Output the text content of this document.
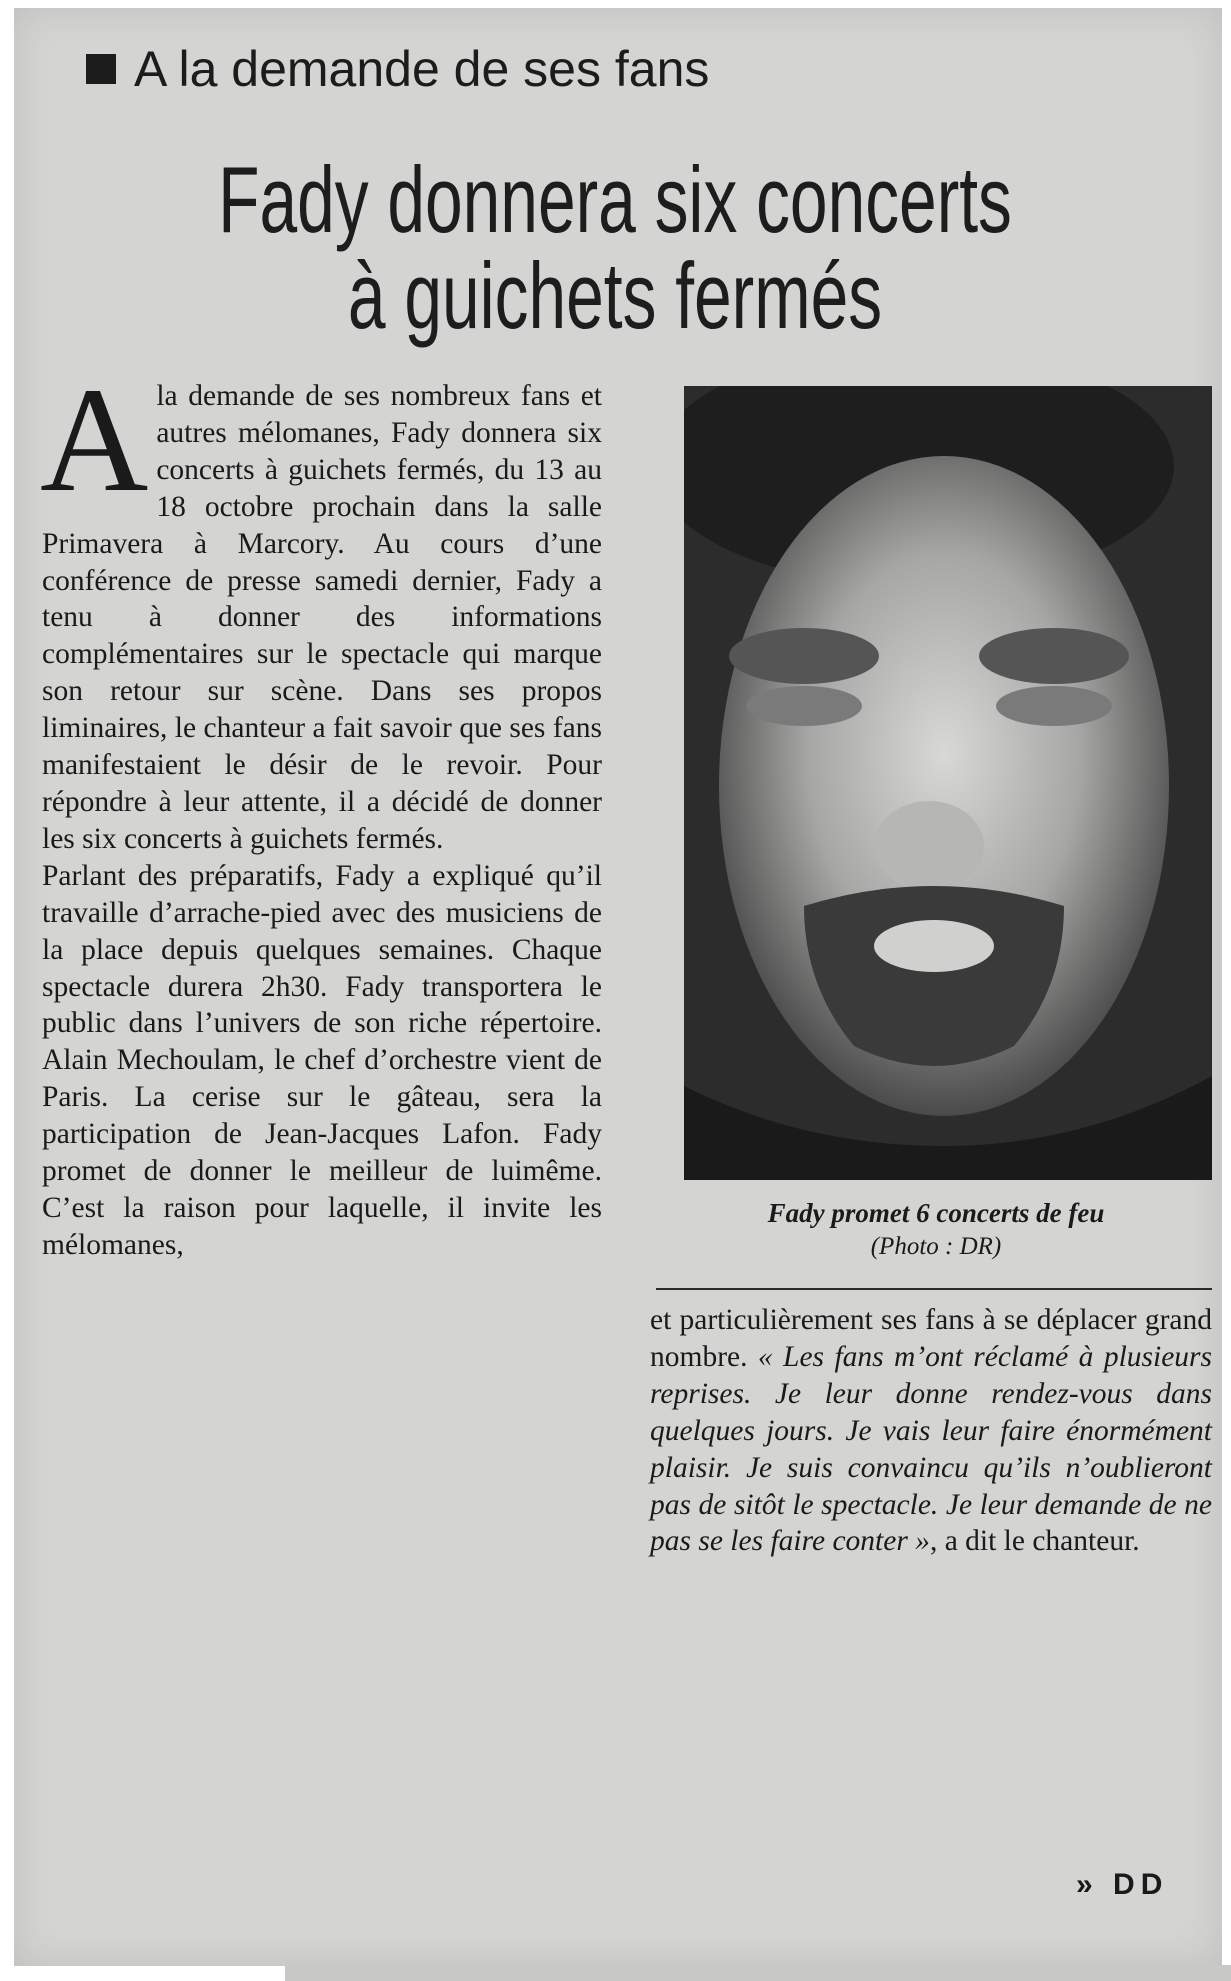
A la demande de ses fans
Fady donnera six concerts
à guichets fermés

Ala demande de ses nombreux fans et autres mélomanes, Fady donnera six concerts à guichets fermés, du 13 au 18 octobre prochain dans la salle Primavera à Marcory. Au cours d’une conférence de presse samedi dernier, Fady a tenu à donner des informations complémentaires sur le spectacle qui marque son retour sur scène. Dans ses propos liminaires, le chanteur a fait savoir que ses fans manifestaient le désir de le revoir. Pour répondre à leur attente, il a décidé de donner les six concerts à guichets fermés.

Parlant des préparatifs, Fady a expliqué qu’il travaille d’arrache-pied avec des musiciens de la place depuis quelques semaines. Chaque spectacle durera 2h30. Fady transportera le public dans l’univers de son riche répertoire. Alain Mechoulam, le chef d’orchestre vient de Paris. La cerise sur le gâteau, sera la participation de Jean-Jacques Lafon. Fady promet de donner le meilleur de luimême. C’est la raison pour laquelle, il invite les mélomanes,

Fady promet 6 concerts de feu
(Photo : DR)

et particulièrement ses fans à se déplacer grand nombre. « Les fans m’ont réclamé à plusieurs reprises. Je leur donne rendez-vous dans quelques jours. Je vais leur faire énormément plaisir. Je suis convaincu qu’ils n’oublieront pas de sitôt le spectacle. Je leur demande de ne pas se les faire conter », a dit le chanteur.

» DD
